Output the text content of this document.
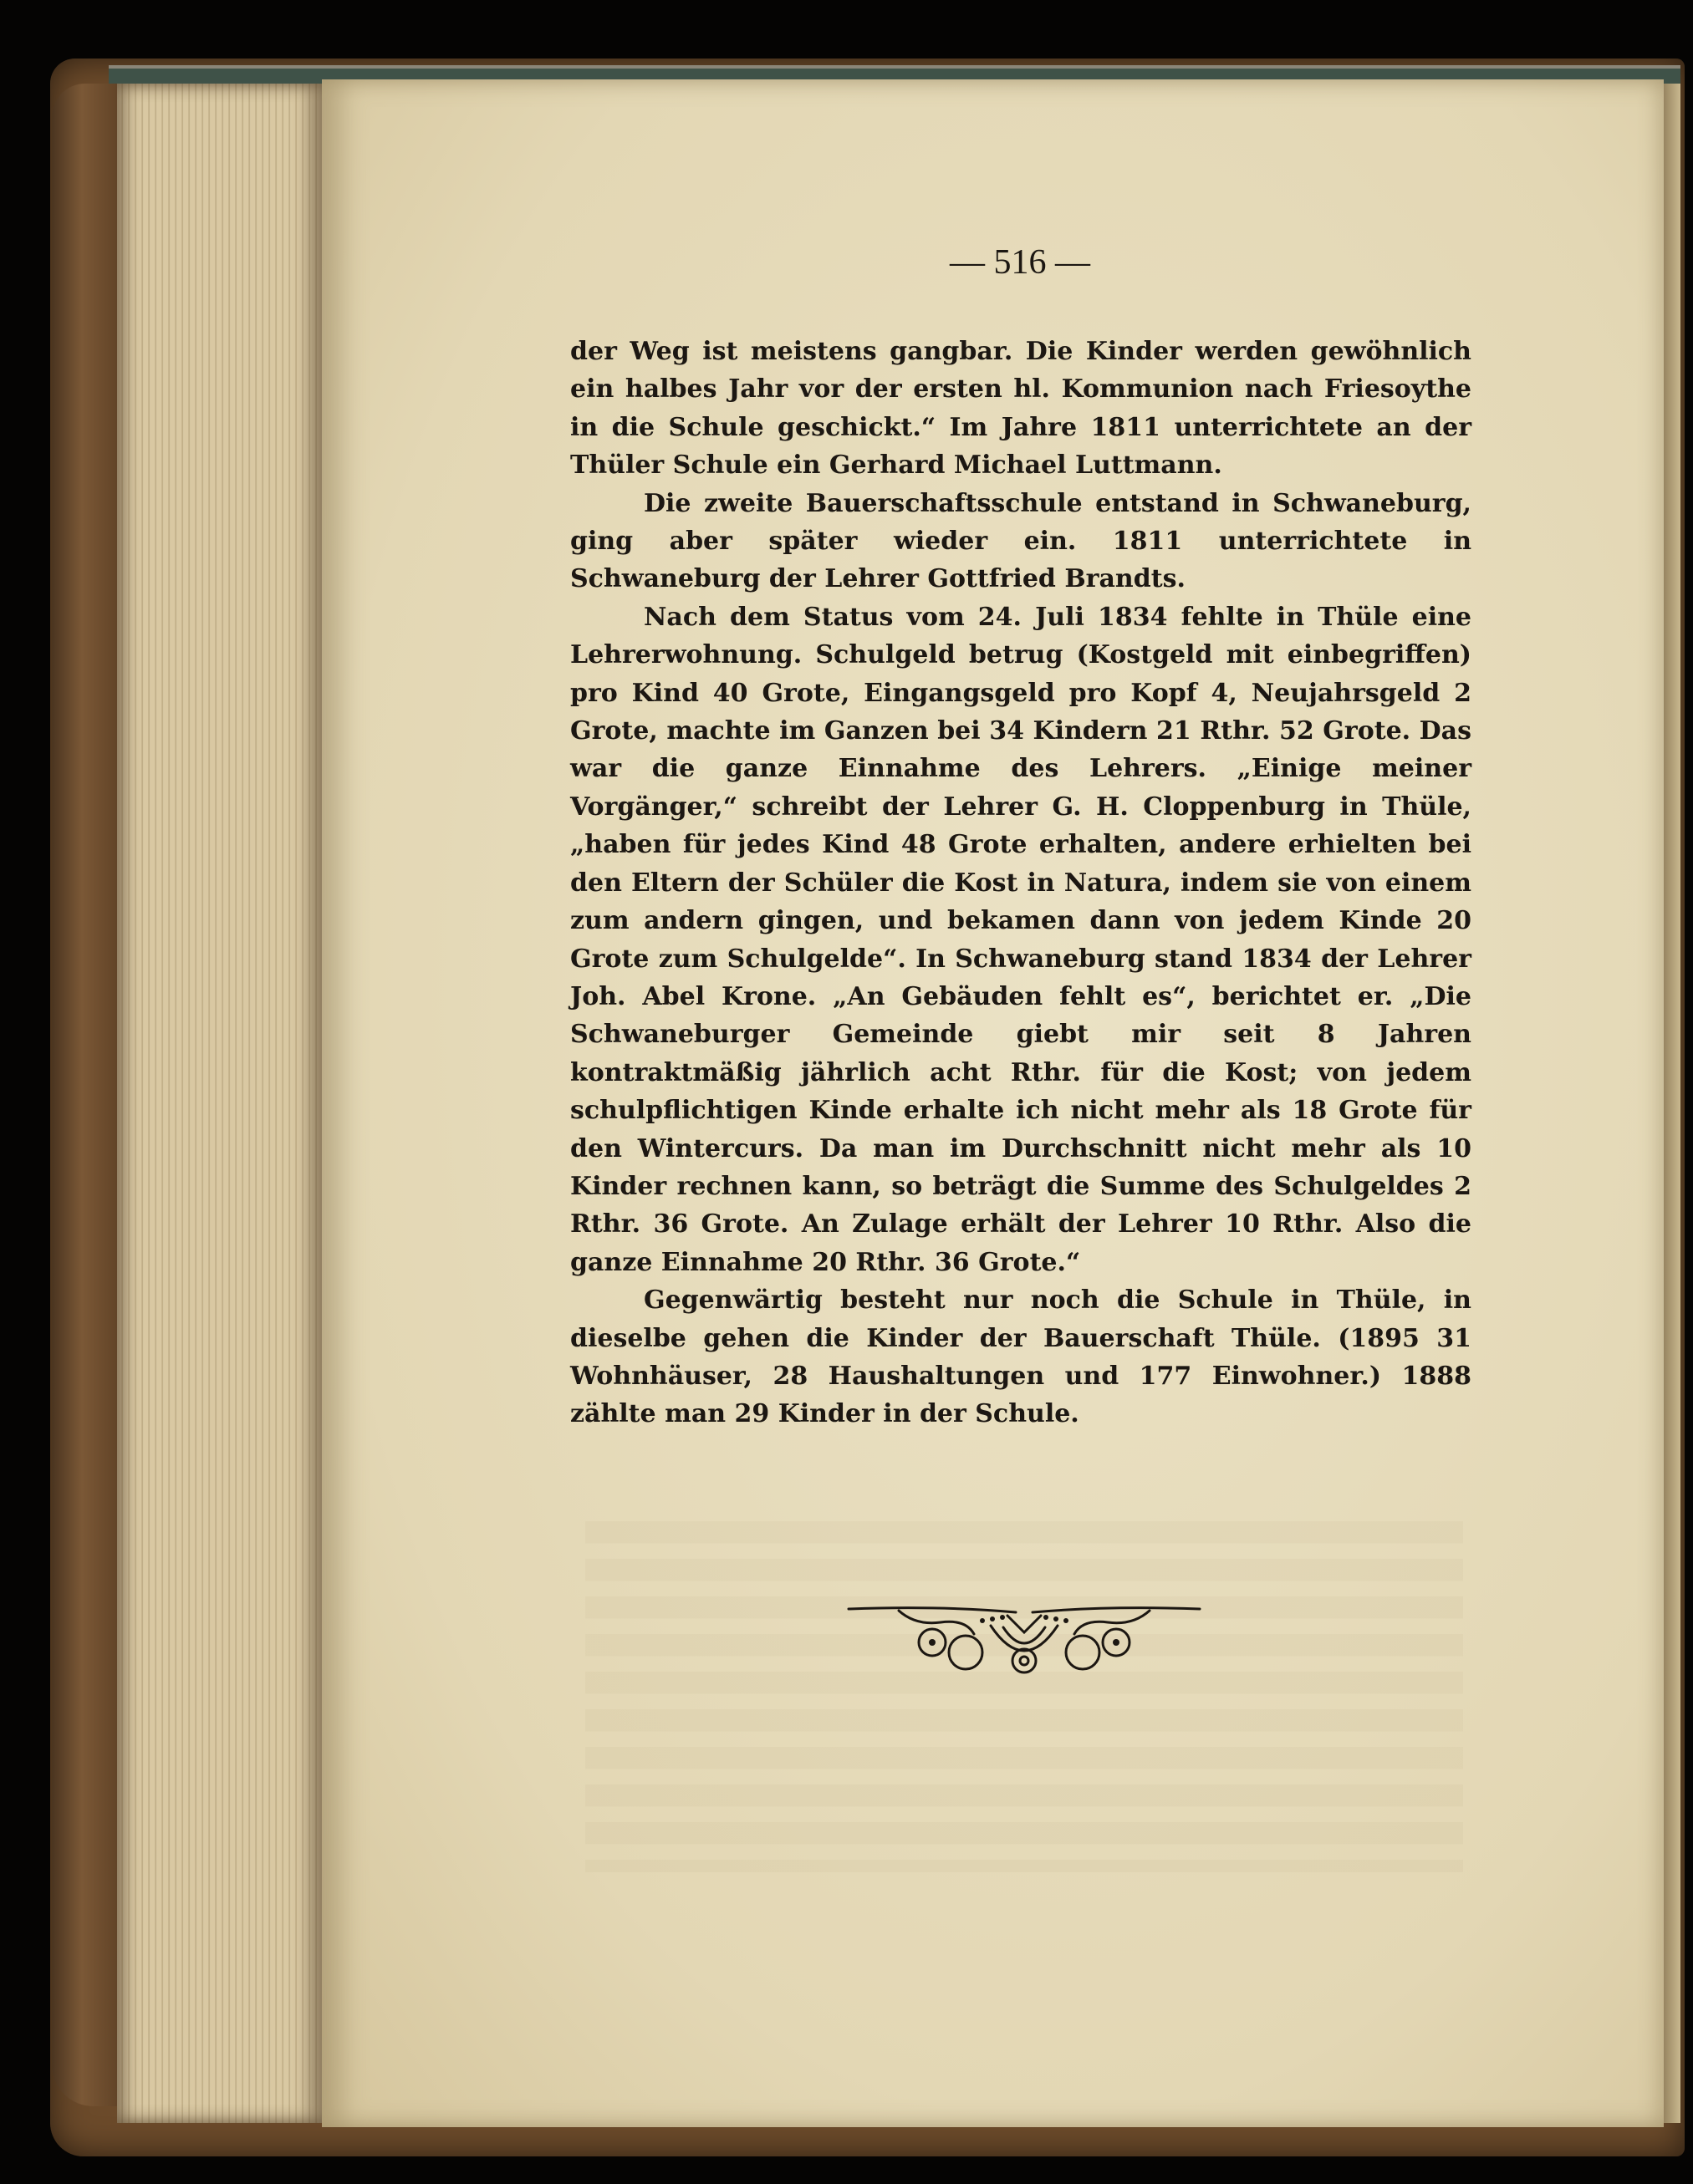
— 516 —

der Weg ist meistens gangbar. Die Kinder werden gewöhnlich ein halbes Jahr vor der ersten hl. Kommunion nach Friesoythe in die Schule geschickt.“ Im Jahre 1811 unterrichtete an der Thüler Schule ein Gerhard Michael Luttmann.

Die zweite Bauerschaftsschule entstand in Schwaneburg, ging aber später wieder ein. 1811 unterrichtete in Schwaneburg der Lehrer Gottfried Brandts.

Nach dem Status vom 24. Juli 1834 fehlte in Thüle eine Lehrerwohnung. Schulgeld betrug (Kostgeld mit einbegriffen) pro Kind 40 Grote, Eingangsgeld pro Kopf 4, Neujahrsgeld 2 Grote, machte im Ganzen bei 34 Kindern 21 Rthr. 52 Grote. Das war die ganze Einnahme des Lehrers. „Einige meiner Vorgänger,“ schreibt der Lehrer G. H. Cloppenburg in Thüle, „haben für jedes Kind 48 Grote erhalten, andere erhielten bei den Eltern der Schüler die Kost in Natura, indem sie von einem zum andern gingen, und bekamen dann von jedem Kinde 20 Grote zum Schulgelde“. In Schwaneburg stand 1834 der Lehrer Joh. Abel Krone. „An Gebäuden fehlt es“, berichtet er. „Die Schwaneburger Gemeinde giebt mir seit 8 Jahren kontraktmäßig jährlich acht Rthr. für die Kost; von jedem schulpflichtigen Kinde erhalte ich nicht mehr als 18 Grote für den Wintercurs. Da man im Durchschnitt nicht mehr als 10 Kinder rechnen kann, so beträgt die Summe des Schulgeldes 2 Rthr. 36 Grote. An Zulage erhält der Lehrer 10 Rthr. Also die ganze Einnahme 20 Rthr. 36 Grote.“

Gegenwärtig besteht nur noch die Schule in Thüle, in dieselbe gehen die Kinder der Bauerschaft Thüle. (1895 31 Wohnhäuser, 28 Haushaltungen und 177 Einwohner.) 1888 zählte man 29 Kinder in der Schule.
